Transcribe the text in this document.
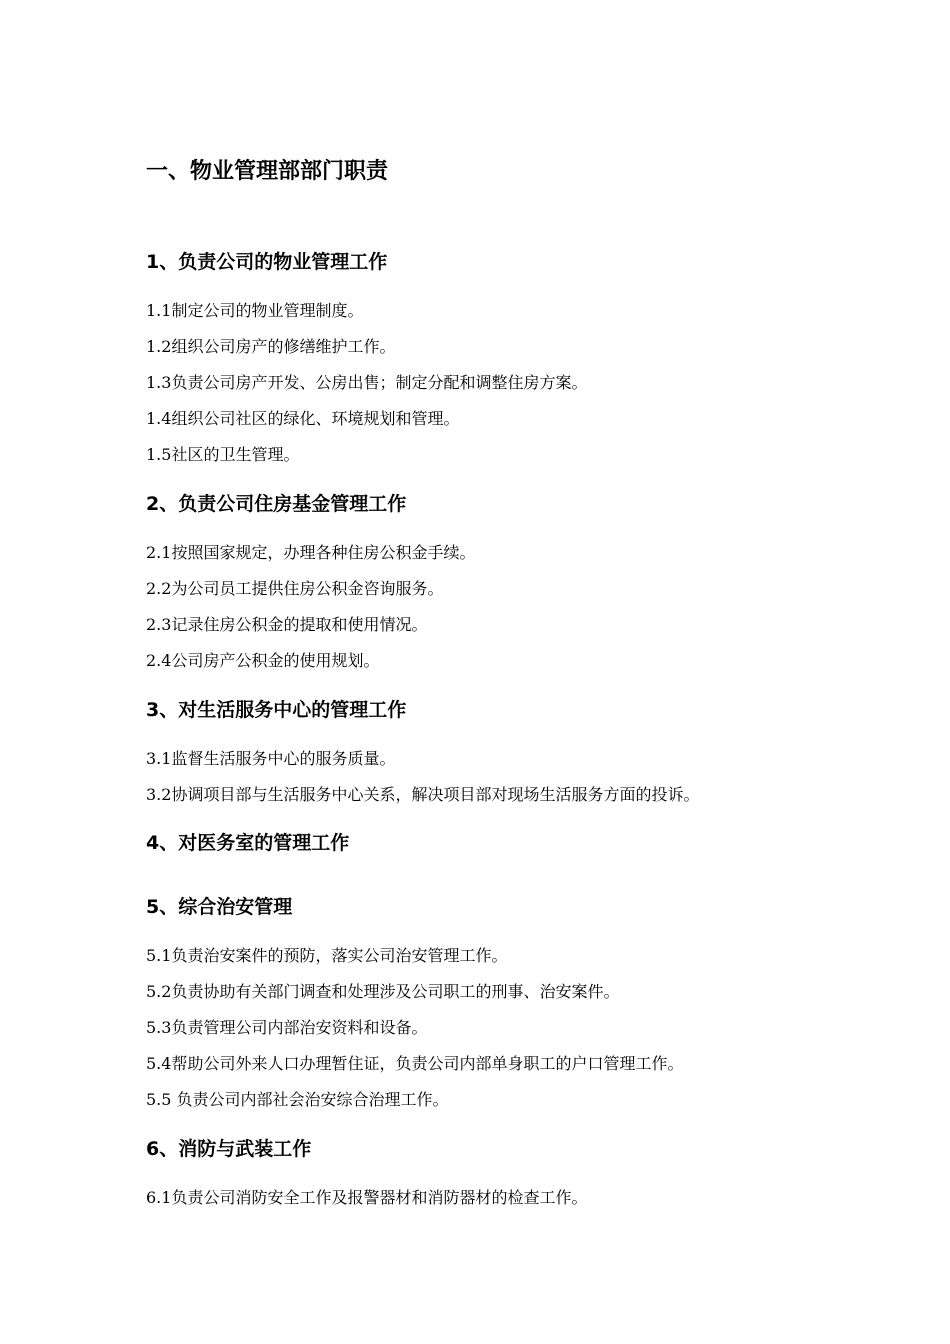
一、物业管理部部门职责
1、负责公司的物业管理工作

1.1制定公司的物业管理制度。

1.2组织公司房产的修缮维护工作。

1.3负责公司房产开发、公房出售；制定分配和调整住房方案。

1.4组织公司社区的绿化、环境规划和管理。

1.5社区的卫生管理。

2、负责公司住房基金管理工作

2.1按照国家规定，办理各种住房公积金手续。

2.2为公司员工提供住房公积金咨询服务。

2.3记录住房公积金的提取和使用情况。

2.4公司房产公积金的使用规划。

3、对生活服务中心的管理工作

3.1监督生活服务中心的服务质量。

3.2协调项目部与生活服务中心关系，解决项目部对现场生活服务方面的投诉。

4、对医务室的管理工作
5、综合治安管理

5.1负责治安案件的预防，落实公司治安管理工作。

5.2负责协助有关部门调查和处理涉及公司职工的刑事、治安案件。

5.3负责管理公司内部治安资料和设备。

5.4帮助公司外来人口办理暂住证，负责公司内部单身职工的户口管理工作。

5.5 负责公司内部社会治安综合治理工作。

6、消防与武装工作

6.1负责公司消防安全工作及报警器材和消防器材的检查工作。
